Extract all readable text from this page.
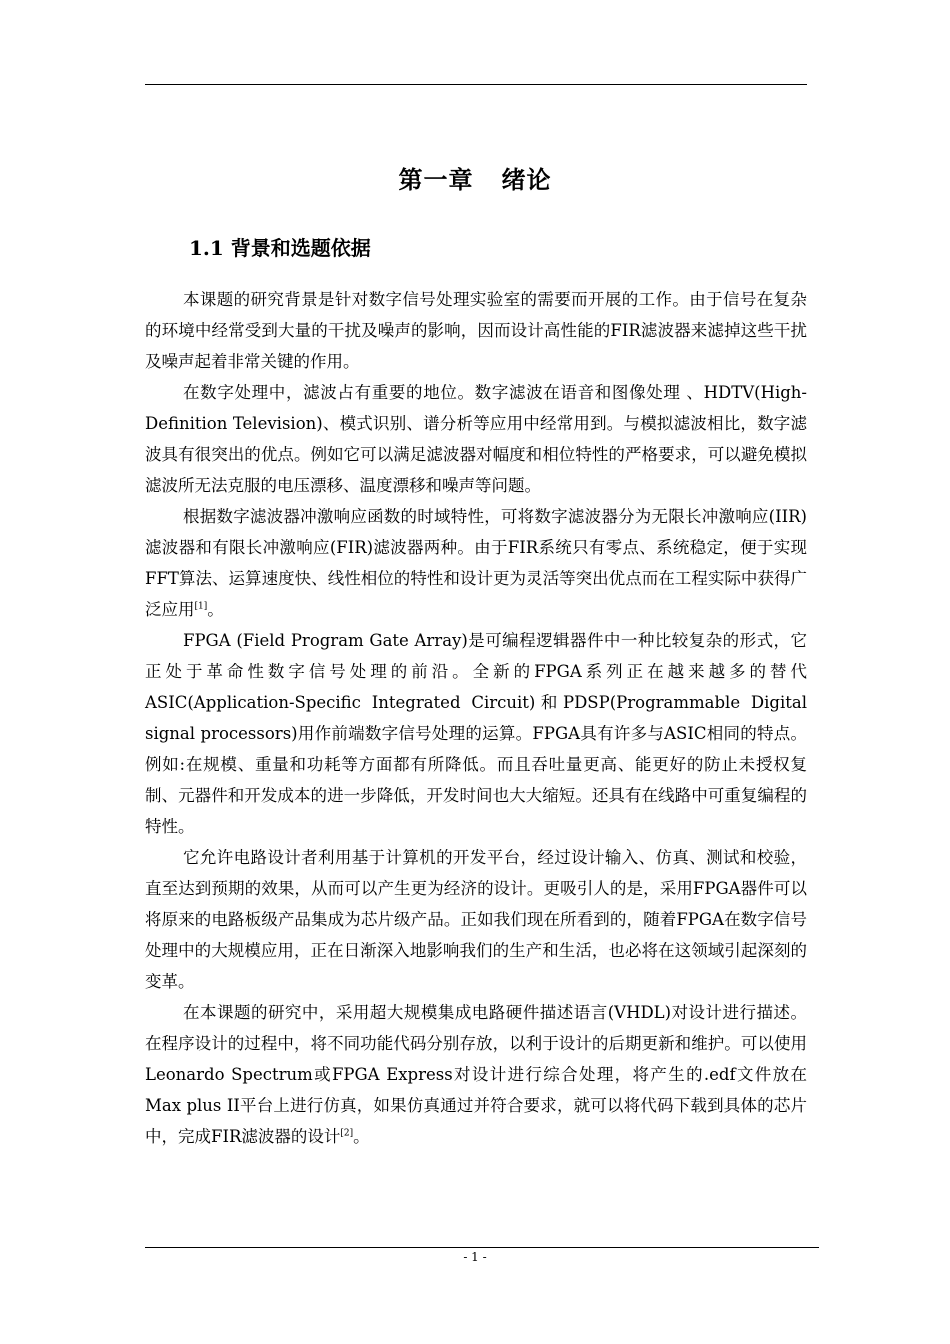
第一章   绪论
1.1 背景和选题依据

本课题的研究背景是针对数字信号处理实验室的需要而开展的工作。由于信号在复杂的环境中经常受到大量的干扰及噪声的影响，因而设计高性能的FIR滤波器来滤掉这些干扰及噪声起着非常关键的作用。

在数字处理中，滤波占有重要的地位。数字滤波在语音和图像处理 、HDTV(High-Definition Television)、模式识别、谱分析等应用中经常用到。与模拟滤波相比，数字滤波具有很突出的优点。例如它可以满足滤波器对幅度和相位特性的严格要求，可以避免模拟滤波所无法克服的电压漂移、温度漂移和噪声等问题。

根据数字滤波器冲激响应函数的时域特性，可将数字滤波器分为无限长冲激响应(IIR)滤波器和有限长冲激响应(FIR)滤波器两种。由于FIR系统只有零点、系统稳定，便于实现FFT算法、运算速度快、线性相位的特性和设计更为灵活等突出优点而在工程实际中获得广泛应用[1]。

FPGA (Field Program Gate Array)是可编程逻辑器件中一种比较复杂的形式，它正处于革命性数字信号处理的前沿。全新的FPGA系列正在越来越多的替代ASIC(Application-Specific Integrated Circuit)和PDSP(Programmable Digital signal processors)用作前端数字信号处理的运算。FPGA具有许多与ASIC相同的特点。例如:在规模、重量和功耗等方面都有所降低。而且吞吐量更高、能更好的防止未授权复制、元器件和开发成本的进一步降低，开发时间也大大缩短。还具有在线路中可重复编程的特性。

它允许电路设计者利用基于计算机的开发平台，经过设计输入、仿真、测试和校验，直至达到预期的效果，从而可以产生更为经济的设计。更吸引人的是，采用FPGA器件可以将原来的电路板级产品集成为芯片级产品。正如我们现在所看到的，随着FPGA在数字信号处理中的大规模应用，正在日渐深入地影响我们的生产和生活，也必将在这领域引起深刻的变革。

在本课题的研究中，采用超大规模集成电路硬件描述语言(VHDL)对设计进行描述。在程序设计的过程中，将不同功能代码分别存放，以利于设计的后期更新和维护。可以使用Leonardo Spectrum或FPGA Express对设计进行综合处理，将产生的.edf文件放在Max plus II平台上进行仿真，如果仿真通过并符合要求，就可以将代码下载到具体的芯片中，完成FIR滤波器的设计[2]。

- 1 -
